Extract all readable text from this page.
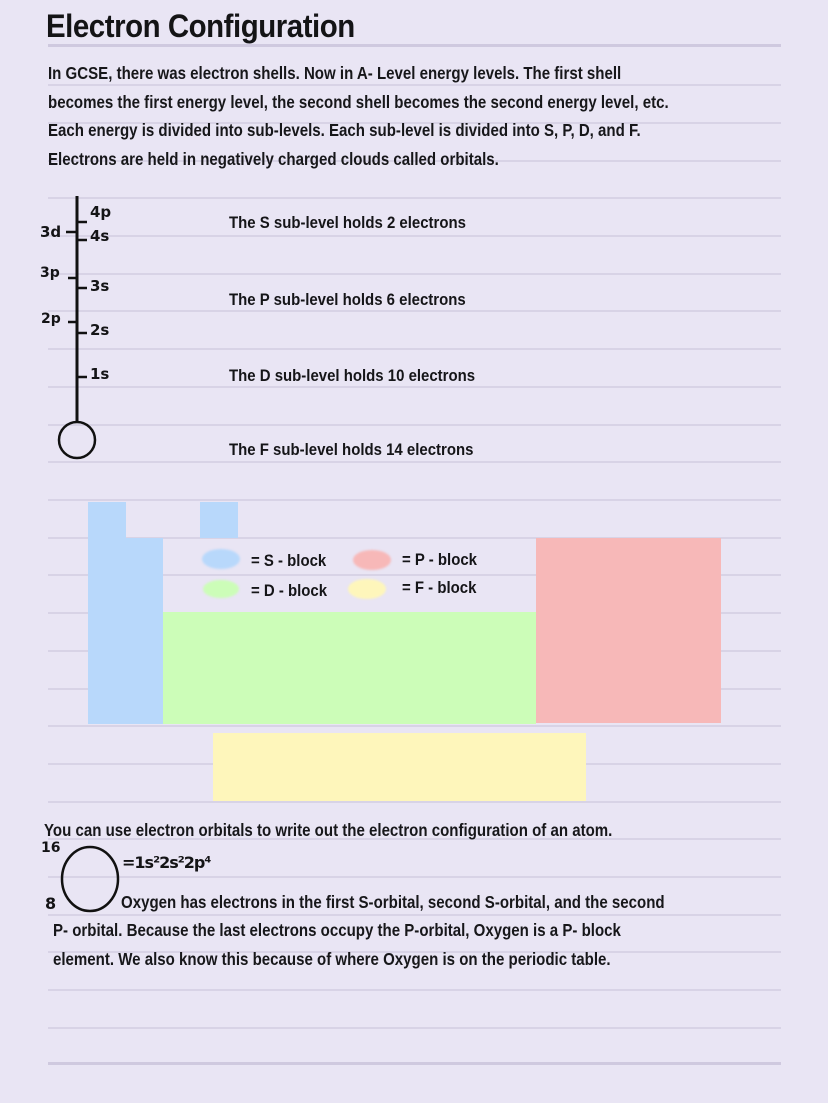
Electron Configuration
In GCSE, there was electron shells. Now in A- Level energy levels. The first shell
becomes the first energy level, the second shell becomes the second energy level, etc.
Each energy is divided into sub-levels. Each sub-level is divided into S, P, D, and F.
Electrons are held in negatively charged clouds called orbitals.
4p
4s
3s
2s
1s
3d
3p
2p
The S sub-level holds 2 electrons
The P sub-level holds 6 electrons
The D sub-level holds 10 electrons
The F sub-level holds 14 electrons
= S - block	= P - block
= D - block	= F - block
You can use electron orbitals to write out the electron configuration of an atom.
16
8
=1s²2s²2p⁴
Oxygen has electrons in the first S-orbital, second S-orbital, and the second
P- orbital. Because the last electrons occupy the P-orbital, Oxygen is a P- block
element. We also know this because of where Oxygen is on the periodic table.
